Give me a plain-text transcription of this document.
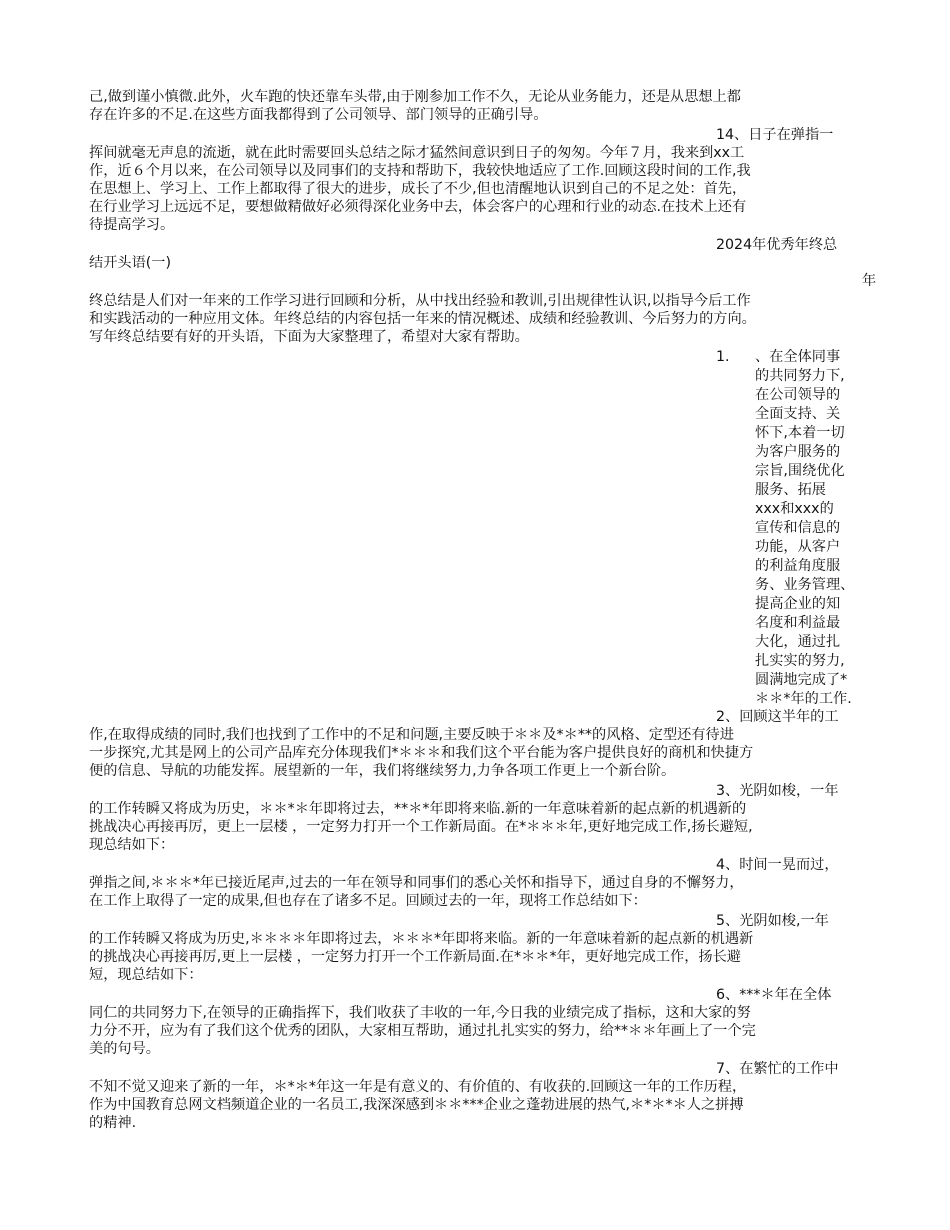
己,做到谨小慎微.此外，火车跑的快还靠车头带,由于刚参加工作不久，无论从业务能力，还是从思想上都
存在许多的不足.在这些方面我都得到了公司领导、部门领导的正确引导。
14、日子在弹指一
挥间就毫无声息的流逝，就在此时需要回头总结之际才猛然间意识到日子的匆匆。今年７月，我来到xx工
作，近６个月以来，在公司领导以及同事们的支持和帮助下，我较快地适应了工作.回顾这段时间的工作,我
在思想上、学习上、工作上都取得了很大的进步，成长了不少,但也清醒地认识到自己的不足之处：首先，
在行业学习上远远不足，要想做精做好必须得深化业务中去，体会客户的心理和行业的动态.在技术上还有
待提高学习。
2024年优秀年终总
结开头语(一)
年
终总结是人们对一年来的工作学习进行回顾和分析，从中找出经验和教训,引出规律性认识,以指导今后工作
和实践活动的一种应用文体。年终总结的内容包括一年来的情况概述、成绩和经验教训、今后努力的方向。
写年终总结要有好的开头语，下面为大家整理了，希望对大家有帮助。
1. 、在全体同事
的共同努力下,
在公司领导的
全面支持、关
怀下,本着一切
为客户服务的
宗旨,围绕优化
服务、拓展
xxx和xxx的
宣传和信息的
功能，从客户
的利益角度服
务、业务管理、
提高企业的知
名度和利益最
大化，通过扎
扎实实的努力,
圆满地完成了*
＊＊*年的工作.
2、回顾这半年的工
作,在取得成绩的同时,我们也找到了工作中的不足和问题,主要反映于＊＊及*＊**的风格、定型还有待进
一步探究,尤其是网上的公司产品库充分体现我们*＊＊＊和我们这个平台能为客户提供良好的商机和快捷方
便的信息、导航的功能发挥。展望新的一年，我们将继续努力,力争各项工作更上一个新台阶。
3、光阴如梭，一年
的工作转瞬又将成为历史，＊＊*＊年即将过去，**＊*年即将来临.新的一年意味着新的起点新的机遇新的
挑战决心再接再厉，更上一层楼 ，一定努力打开一个工作新局面。在*＊＊＊年,更好地完成工作,扬长避短,
现总结如下：
4、时间一晃而过，
弹指之间,＊＊＊*年已接近尾声,过去的一年在领导和同事们的悉心关怀和指导下，通过自身的不懈努力，
在工作上取得了一定的成果,但也存在了诸多不足。回顾过去的一年，现将工作总结如下：
5、光阴如梭,一年
的工作转瞬又将成为历史,＊＊＊＊年即将过去，＊＊＊*年即将来临。新的一年意味着新的起点新的机遇新
的挑战决心再接再厉,更上一层楼 ，一定努力打开一个工作新局面.在*＊＊*年，更好地完成工作，扬长避
短，现总结如下：
6、***＊年在全体
同仁的共同努力下,在领导的正确指挥下，我们收获了丰收的一年,今日我的业绩完成了指标，这和大家的努
力分不开，应为有了我们这个优秀的团队，大家相互帮助，通过扎扎实实的努力，给**＊＊年画上了一个完
美的句号。
7、在繁忙的工作中
不知不觉又迎来了新的一年，＊*＊*年这一年是有意义的、有价值的、有收获的.回顾这一年的工作历程，
作为中国教育总网文档频道企业的一名员工,我深深感到＊＊***企业之蓬勃进展的热气,＊*＊*＊人之拼搏
的精神.
